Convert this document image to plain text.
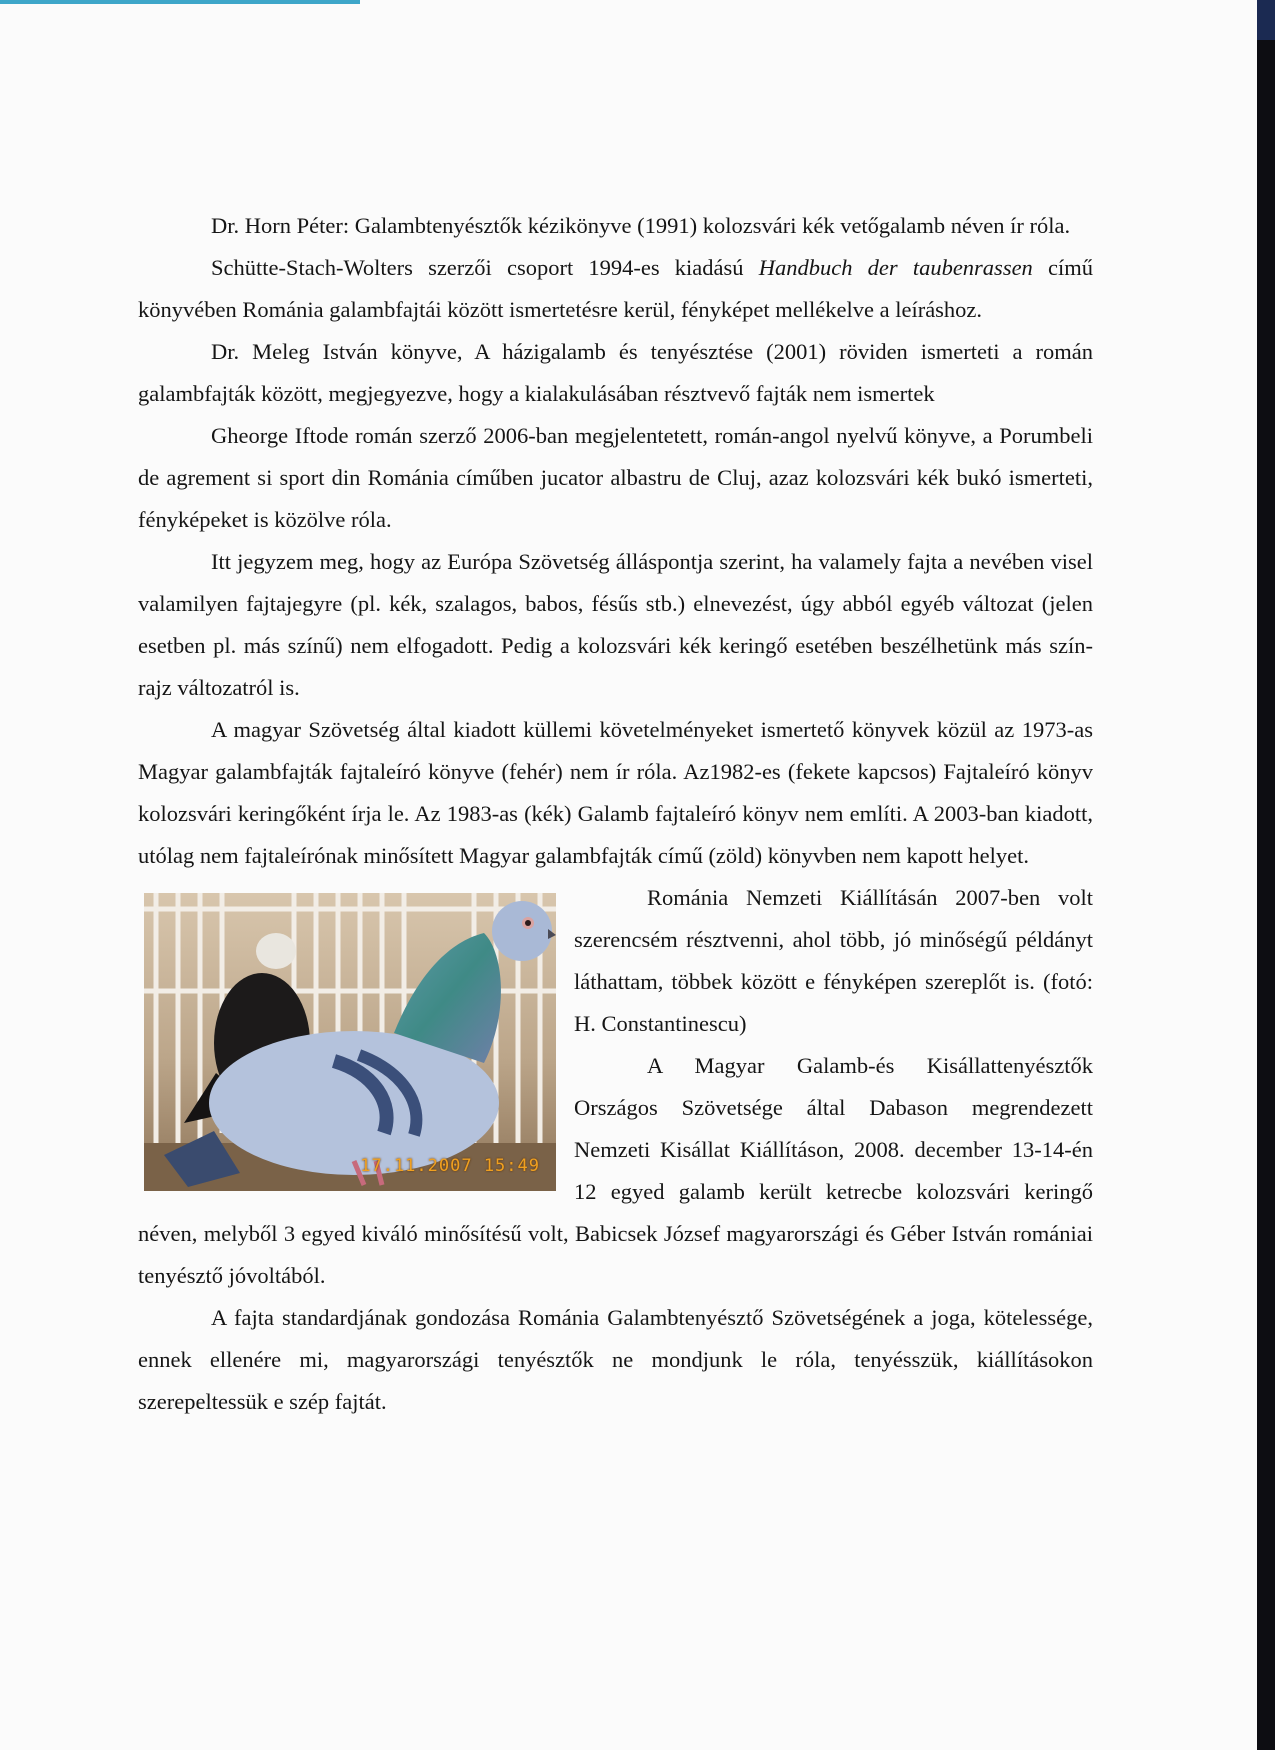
Dr. Horn Péter: Galambtenyésztők kézikönyve (1991) kolozsvári kék vetőgalamb néven ír róla.

Schütte-Stach-Wolters szerzői csoport 1994-es kiadású Handbuch der taubenrassen című könyvében Románia galambfajtái között ismertetésre kerül, fényképet mellékelve a leíráshoz.

Dr. Meleg István könyve, A házigalamb és tenyésztése (2001) röviden ismerteti a román galambfajták között, megjegyezve, hogy a kialakulásában résztvevő fajták nem ismertek

Gheorge Iftode román szerző 2006-ban megjelentetett, román-angol nyelvű könyve, a Porumbeli de agrement si sport din Románia címűben jucator albastru de Cluj, azaz kolozsvári kék bukó ismerteti, fényképeket is közölve róla.

Itt jegyzem meg, hogy az Európa Szövetség álláspontja szerint, ha valamely fajta a nevében visel valamilyen fajtajegyre (pl. kék, szalagos, babos, fésűs stb.) elnevezést, úgy abból egyéb változat (jelen esetben pl. más színű) nem elfogadott. Pedig a kolozsvári kék keringő esetében beszélhetünk más szín-rajz változatról is.

A magyar Szövetség által kiadott küllemi követelményeket ismertető könyvek közül az 1973-as Magyar galambfajták fajtaleíró könyve (fehér) nem ír róla. Az1982-es (fekete kapcsos) Fajtaleíró könyv kolozsvári keringőként írja le. Az 1983-as (kék) Galamb fajtaleíró könyv nem említi. A 2003-ban kiadott, utólag nem fajtaleírónak minősített Magyar galambfajták című (zöld) könyvben nem kapott helyet.

17.11.2007 15:49

Románia Nemzeti Kiállításán 2007-ben volt szerencsém résztvenni, ahol több, jó minőségű példányt láthattam, többek között e fényképen szereplőt is. (fotó: H. Constantinescu)

A Magyar Galamb-és Kisállattenyésztők Országos Szövetsége által Dabason megrendezett Nemzeti Kisállat Kiállításon, 2008. december 13-14-én 12 egyed galamb került ketrecbe kolozsvári keringő néven, melyből 3 egyed kiváló minősítésű volt, Babicsek József magyarországi és Géber István romániai tenyésztő jóvoltából.

A fajta standardjának gondozása Románia Galambtenyésztő Szövetségének a joga, kötelessége, ennek ellenére mi, magyarországi tenyésztők ne mondjunk le róla, tenyésszük, kiállításokon szerepeltessük e szép fajtát.
